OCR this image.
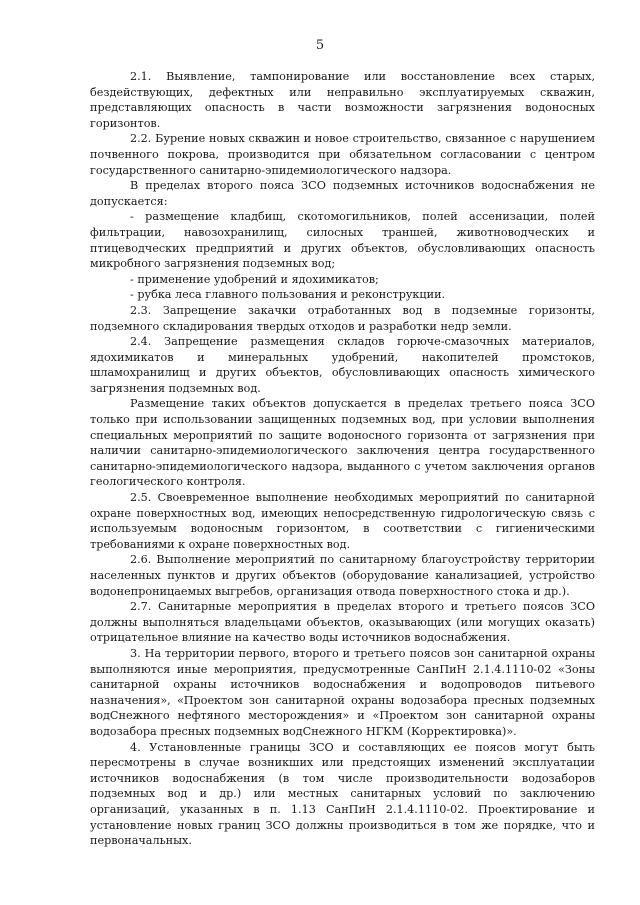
5

2.1. Выявление, тампонирование или восстановление всех старых, бездействующих, дефектных или неправильно эксплуатируемых скважин, представляющих опасность в части возможности загрязнения водоносных горизонтов.

2.2. Бурение новых скважин и новое строительство, связанное с нарушением почвенного покрова, производится при обязательном согласовании с центром государственного санитарно-эпидемиологического надзора.

В пределах второго пояса ЗСО подземных источников водоснабжения не допускается:

- размещение кладбищ, скотомогильников, полей ассенизации, полей фильтрации, навозохранилищ, силосных траншей, животноводческих и птицеводческих предприятий и других объектов, обусловливающих опасность микробного загрязнения подземных вод;

- применение удобрений и ядохимикатов;

- рубка леса главного пользования и реконструкции.

2.3. Запрещение закачки отработанных вод в подземные горизонты, подземного складирования твердых отходов и разработки недр земли.

2.4. Запрещение размещения складов горюче-смазочных материалов, ядохимикатов и минеральных удобрений, накопителей промстоков, шламохранилищ и других объектов, обусловливающих опасность химического загрязнения подземных вод.

Размещение таких объектов допускается в пределах третьего пояса ЗСО только при использовании защищенных подземных вод, при условии выполнения специальных мероприятий по защите водоносного горизонта от загрязнения при наличии санитарно-эпидемиологического заключения центра государственного санитарно-эпидемиологического надзора, выданного с учетом заключения органов геологического контроля.

2.5. Своевременное выполнение необходимых мероприятий по санитарной охране поверхностных вод, имеющих непосредственную гидрологическую связь с используемым водоносным горизонтом, в соответствии с гигиеническими требованиями к охране поверхностных вод.

2.6. Выполнение мероприятий по санитарному благоустройству территории населенных пунктов и других объектов (оборудование канализацией, устройство водонепроницаемых выгребов, организация отвода поверхностного стока и др.).

2.7. Санитарные мероприятия в пределах второго и третьего поясов ЗСО должны выполняться владельцами объектов, оказывающих (или могущих оказать) отрицательное влияние на качество воды источников водоснабжения.

3. На территории первого, второго и третьего поясов зон санитарной охраны выполняются иные мероприятия, предусмотренные СанПиН 2.1.4.1110-02 «Зоны санитарной охраны источников водоснабжения и водопроводов питьевого назначения», «Проектом зон санитарной охраны водозабора пресных подземных водСнежного нефтяного месторождения» и «Проектом зон санитарной охраны водозабора пресных подземных водСнежного НГКМ (Корректировка)».

4. Установленные границы ЗСО и составляющих ее поясов могут быть пересмотрены в случае возникших или предстоящих изменений эксплуатации источников водоснабжения (в том числе производительности водозаборов подземных вод и др.) или местных санитарных условий по заключению организаций, указанных в п. 1.13 СанПиН 2.1.4.1110-02. Проектирование и установление новых границ ЗСО должны производиться в том же порядке, что и первоначальных.
